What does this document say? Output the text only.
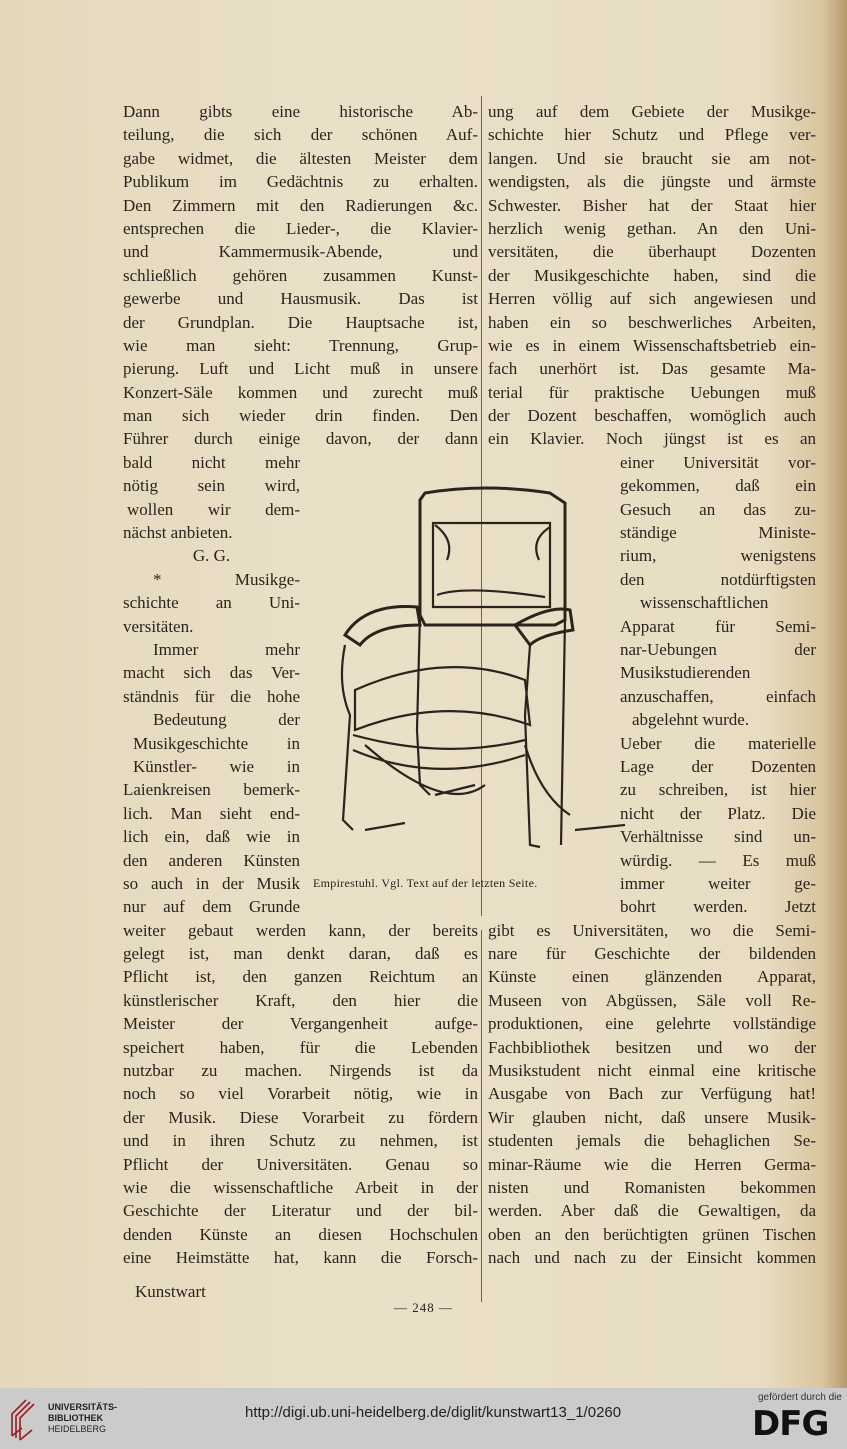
Dann gibts eine historische Ab-
teilung, die sich der schönen Auf-
gabe widmet, die ältesten Meister dem
Publikum im Gedächtnis zu erhalten.
Den Zimmern mit den Radierungen &c.
entsprechen die Lieder-, die Klavier-
und Kammermusik-Abende, und
schließlich gehören zusammen Kunst-
gewerbe und Hausmusik. Das ist
der Grundplan. Die Hauptsache ist,
wie man sieht: Trennung, Grup-
pierung. Luft und Licht muß in unsere
Konzert-Säle kommen und zurecht muß
man sich wieder drin finden. Den
Führer durch einige davon, der dann
bald nicht mehr
nötig sein wird,
wollen wir dem-
nächst anbieten.
G. G.
* Musikge-
schichte an Uni-
versitäten.
Immer mehr
macht sich das Ver-
ständnis für die hohe
Bedeutung der
Musikgeschichte in
Künstler- wie in
Laienkreisen bemerk-
lich. Man sieht end-
lich ein, daß wie in
den anderen Künsten
so auch in der Musik
nur auf dem Grunde
weiter gebaut werden kann, der bereits
gelegt ist, man denkt daran, daß es
Pflicht ist, den ganzen Reichtum an
künstlerischer Kraft, den hier die
Meister der Vergangenheit aufge-
speichert haben, für die Lebenden
nutzbar zu machen. Nirgends ist da
noch so viel Vorarbeit nötig, wie in
der Musik. Diese Vorarbeit zu fördern
und in ihren Schutz zu nehmen, ist
Pflicht der Universitäten. Genau so
wie die wissenschaftliche Arbeit in der
Geschichte der Literatur und der bil-
denden Künste an diesen Hochschulen
eine Heimstätte hat, kann die Forsch-
ung auf dem Gebiete der Musikge-
schichte hier Schutz und Pflege ver-
langen. Und sie braucht sie am not-
wendigsten, als die jüngste und ärmste
Schwester. Bisher hat der Staat hier
herzlich wenig gethan. An den Uni-
versitäten, die überhaupt Dozenten
der Musikgeschichte haben, sind die
Herren völlig auf sich angewiesen und
haben ein so beschwerliches Arbeiten,
wie es in einem Wissenschaftsbetrieb ein-
fach unerhört ist. Das gesamte Ma-
terial für praktische Uebungen muß
der Dozent beschaffen, womöglich auch
ein Klavier. Noch jüngst ist es an
einer Universität vor-
gekommen, daß ein
Gesuch an das zu-
ständige Ministe-
rium, wenigstens
den notdürftigsten
wissenschaftlichen
Apparat für Semi-
nar-Uebungen der
Musikstudierenden
anzuschaffen, einfach
abgelehnt wurde.
Ueber die materielle
Lage der Dozenten
zu schreiben, ist hier
nicht der Platz. Die
Verhältnisse sind un-
würdig. — Es muß
immer weiter ge-
bohrt werden. Jetzt
gibt es Universitäten, wo die Semi-
nare für Geschichte der bildenden
Künste einen glänzenden Apparat,
Museen von Abgüssen, Säle voll Re-
produktionen, eine gelehrte vollständige
Fachbibliothek besitzen und wo der
Musikstudent nicht einmal eine kritische
Ausgabe von Bach zur Verfügung hat!
Wir glauben nicht, daß unsere Musik-
studenten jemals die behaglichen Se-
minar-Räume wie die Herren Germa-
nisten und Romanisten bekommen
werden. Aber daß die Gewaltigen, da
oben an den berüchtigten grünen Tischen
nach und nach zu der Einsicht kommen
Empirestuhl. Vgl. Text auf der letzten Seite.
Kunstwart
— 248 —
UNIVERSITÄTS-
BIBLIOTHEK
HEIDELBERG
http://digi.ub.uni-heidelberg.de/diglit/kunstwart13_1/0260
gefördert durch die
DFG
